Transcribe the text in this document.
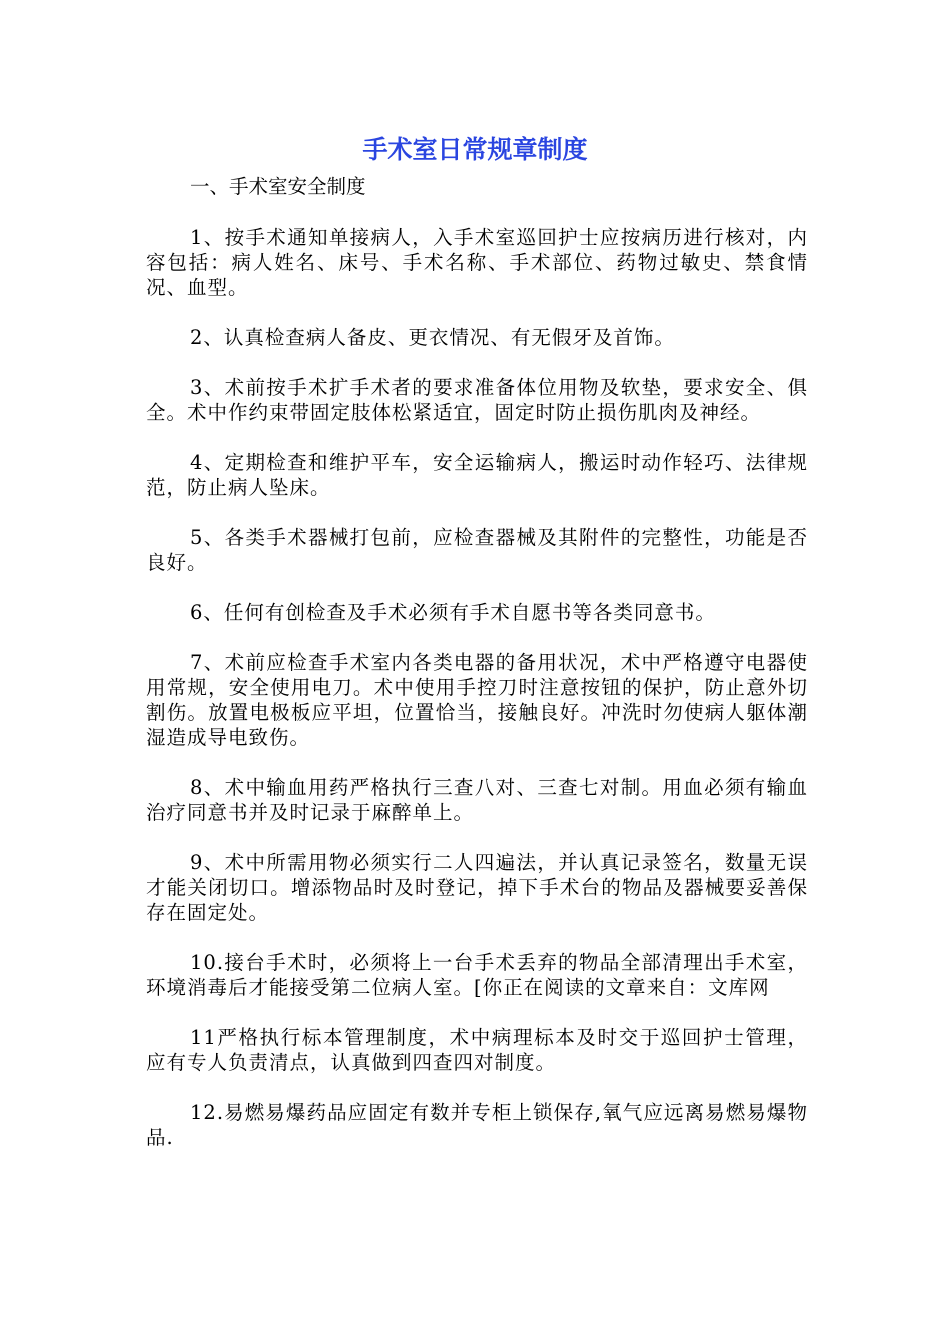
手术室日常规章制度

一、手术室安全制度

1、按手术通知单接病人，入手术室巡回护士应按病历进行核对，内容包括：病人姓名、床号、手术名称、手术部位、药物过敏史、禁食情况、血型。

2、认真检查病人备皮、更衣情况、有无假牙及首饰。

3、术前按手术扩手术者的要求准备体位用物及软垫，要求安全、俱全。术中作约束带固定肢体松紧适宜，固定时防止损伤肌肉及神经。

4、定期检查和维护平车，安全运输病人，搬运时动作轻巧、法律规范，防止病人坠床。

5、各类手术器械打包前，应检查器械及其附件的完整性，功能是否良好。

6、任何有创检查及手术必须有手术自愿书等各类同意书。

7、术前应检查手术室内各类电器的备用状况，术中严格遵守电器使用常规，安全使用电刀。术中使用手控刀时注意按钮的保护，防止意外切割伤。放置电极板应平坦，位置恰当，接触良好。冲洗时勿使病人躯体潮湿造成导电致伤。

8、术中输血用药严格执行三查八对、三查七对制。用血必须有输血治疗同意书并及时记录于麻醉单上。

9、术中所需用物必须实行二人四遍法，并认真记录签名，数量无误才能关闭切口。增添物品时及时登记，掉下手术台的物品及器械要妥善保存在固定处。

10.接台手术时，必须将上一台手术丢弃的物品全部清理出手术室，环境消毒后才能接受第二位病人室。[你正在阅读的文章来自：文库网

11严格执行标本管理制度，术中病理标本及时交于巡回护士管理，应有专人负责清点，认真做到四查四对制度。

12.易燃易爆药品应固定有数并专柜上锁保存,氧气应远离易燃易爆物品.
